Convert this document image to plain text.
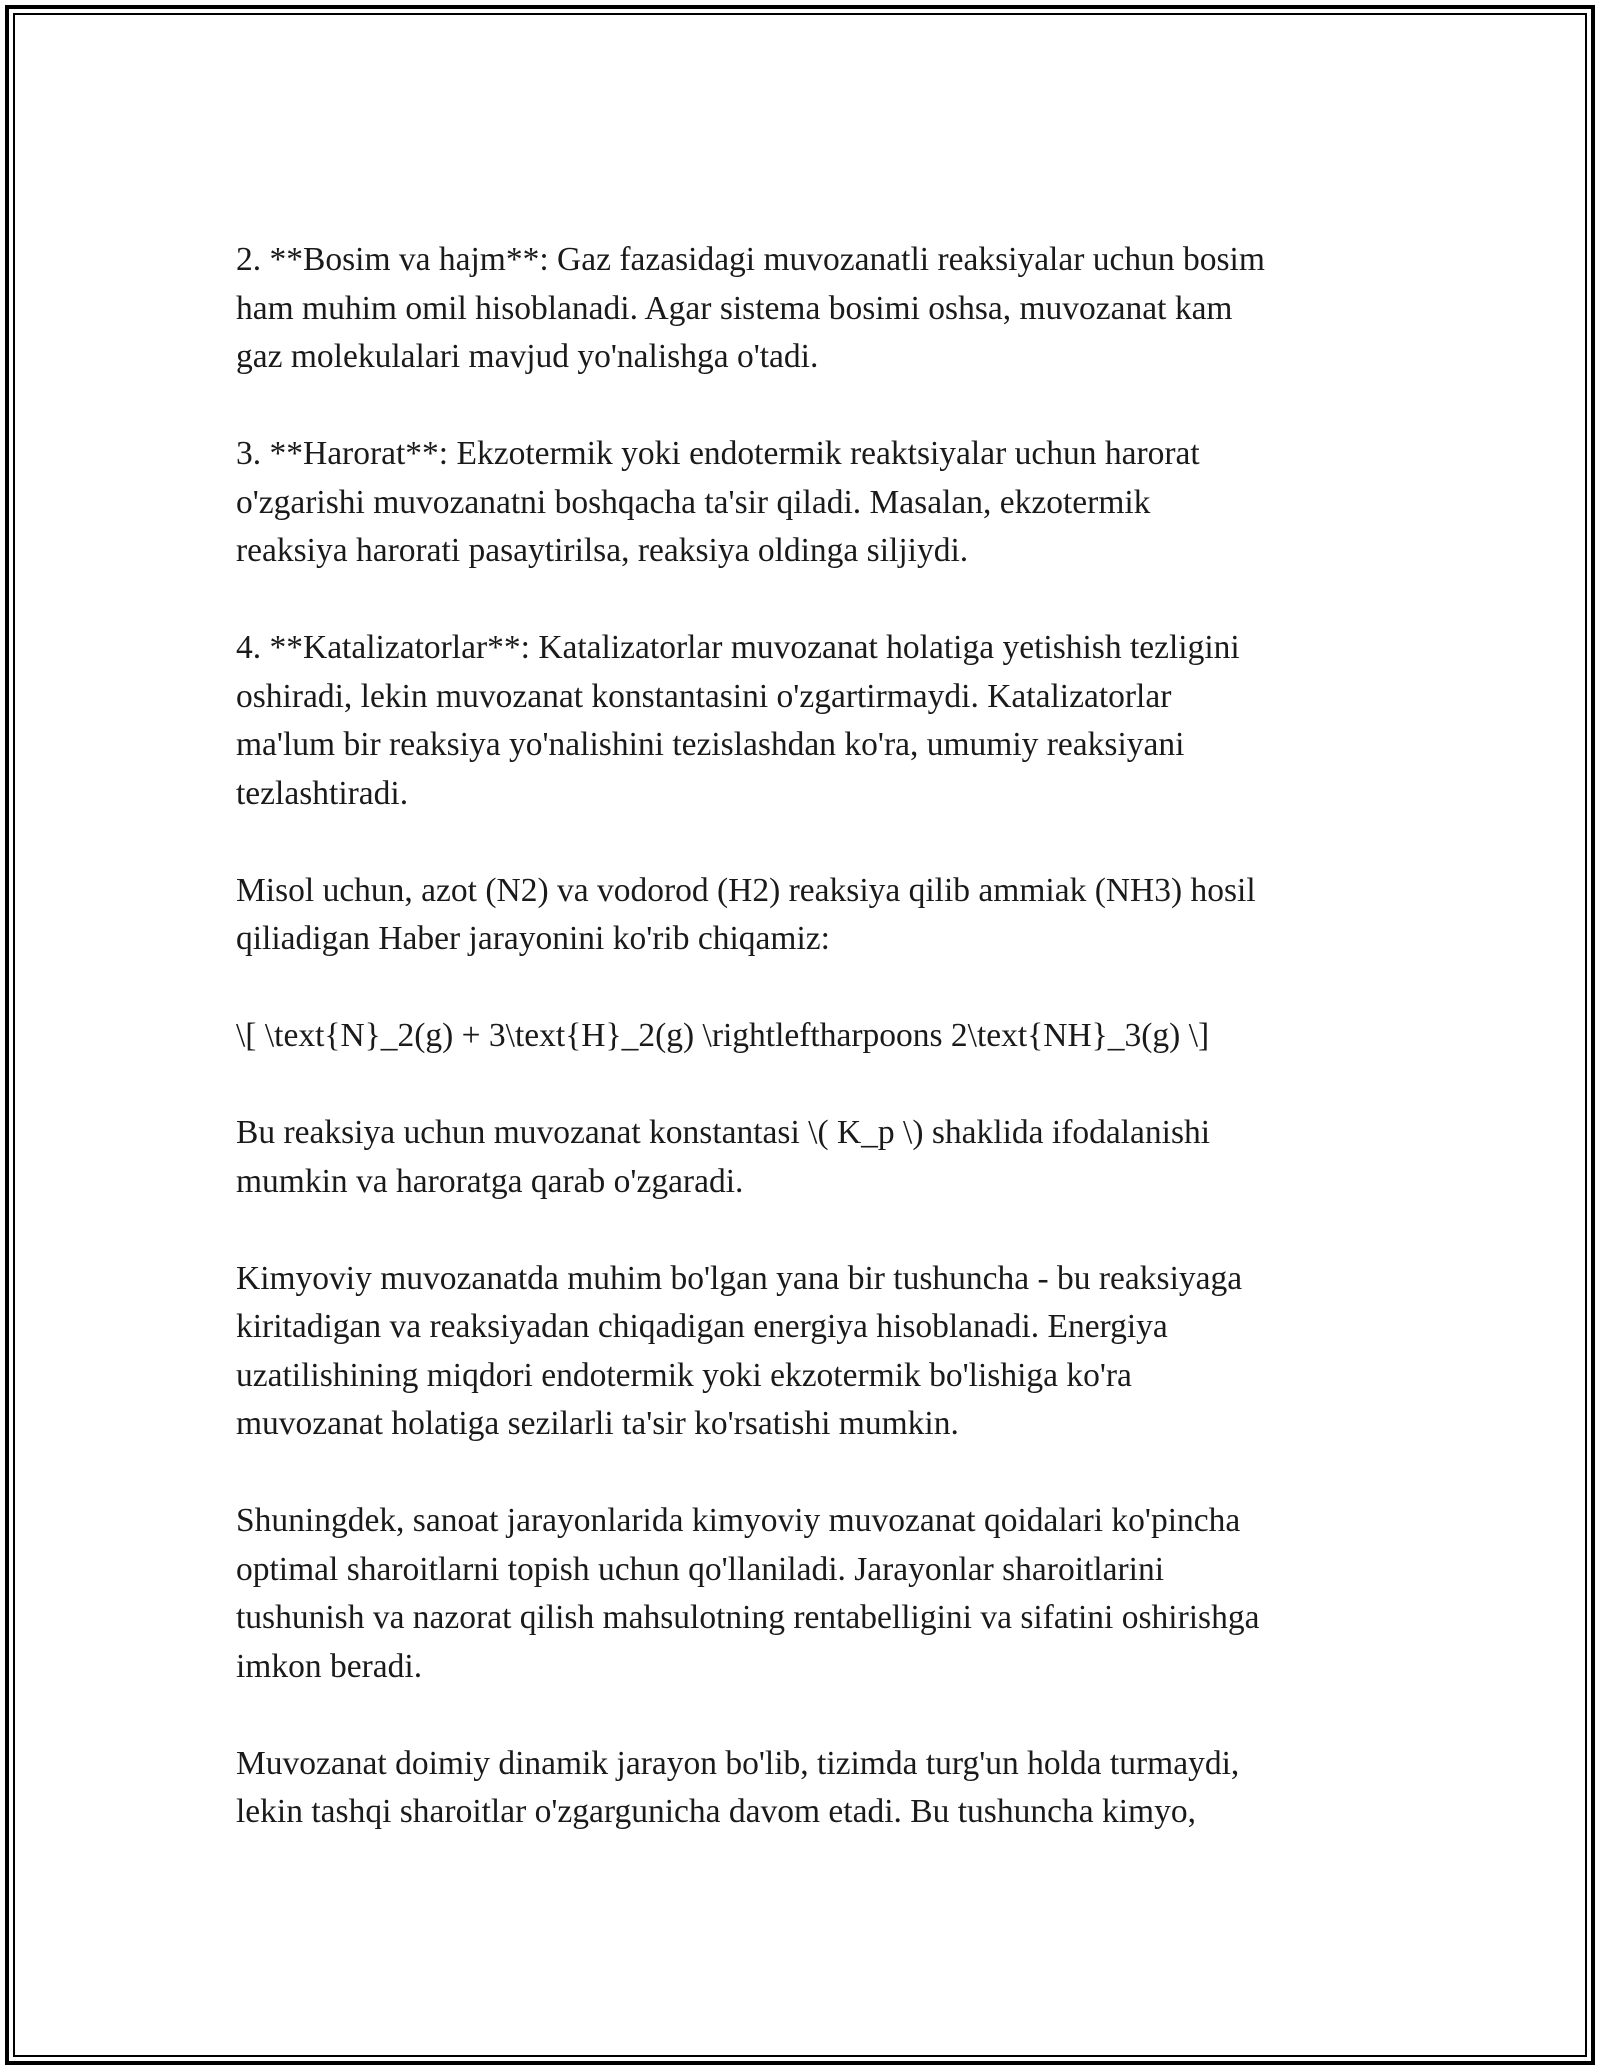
2. **Bosim va hajm**: Gaz fazasidagi muvozanatli reaksiyalar uchun bosim
ham muhim omil hisoblanadi. Agar sistema bosimi oshsa, muvozanat kam
gaz molekulalari mavjud yo'nalishga o'tadi.

3. **Harorat**: Ekzotermik yoki endotermik reaktsiyalar uchun harorat
o'zgarishi muvozanatni boshqacha ta'sir qiladi. Masalan, ekzotermik
reaksiya harorati pasaytirilsa, reaksiya oldinga siljiydi.

4. **Katalizatorlar**: Katalizatorlar muvozanat holatiga yetishish tezligini
oshiradi, lekin muvozanat konstantasini o'zgartirmaydi. Katalizatorlar
ma'lum bir reaksiya yo'nalishini tezislashdan ko'ra, umumiy reaksiyani
tezlashtiradi.

Misol uchun, azot (N2) va vodorod (H2) reaksiya qilib ammiak (NH3) hosil
qiliadigan Haber jarayonini ko'rib chiqamiz:

\[ \text{N}_2(g) + 3\text{H}_2(g) \rightleftharpoons 2\text{NH}_3(g) \]

Bu reaksiya uchun muvozanat konstantasi \( K_p \) shaklida ifodalanishi
mumkin va haroratga qarab o'zgaradi.

Kimyoviy muvozanatda muhim bo'lgan yana bir tushuncha - bu reaksiyaga
kiritadigan va reaksiyadan chiqadigan energiya hisoblanadi. Energiya
uzatilishining miqdori endotermik yoki ekzotermik bo'lishiga ko'ra
muvozanat holatiga sezilarli ta'sir ko'rsatishi mumkin.

Shuningdek, sanoat jarayonlarida kimyoviy muvozanat qoidalari ko'pincha
optimal sharoitlarni topish uchun qo'llaniladi. Jarayonlar sharoitlarini
tushunish va nazorat qilish mahsulotning rentabelligini va sifatini oshirishga
imkon beradi.

Muvozanat doimiy dinamik jarayon bo'lib, tizimda turg'un holda turmaydi,
lekin tashqi sharoitlar o'zgargunicha davom etadi. Bu tushuncha kimyo,
